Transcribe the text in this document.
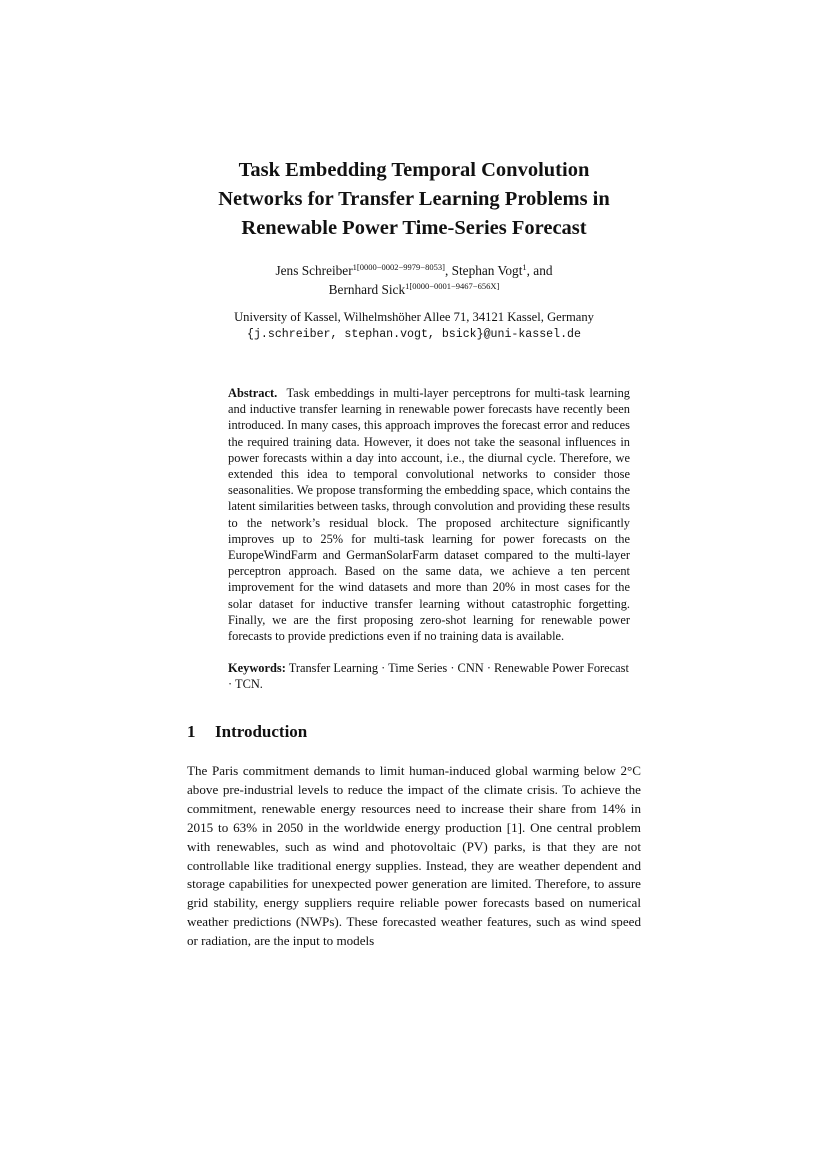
Task Embedding Temporal Convolution
Networks for Transfer Learning Problems in
Renewable Power Time-Series Forecast
Jens Schreiber$^{1[0000-0002-9979-8053]}$, Stephan Vogt$^1$, and
Bernhard Sick$^{1[0000-0001-9467-656X]}$
University of Kassel, Wilhelmshöher Allee 71, 34121 Kassel, Germany
{j.schreiber, stephan.vogt, bsick}@uni-kassel.de

Abstract. Task embeddings in multi-layer perceptrons for multi-task learning and inductive transfer learning in renewable power forecasts have recently been introduced. In many cases, this approach improves the forecast error and reduces the required training data. However, it does not take the seasonal influences in power forecasts within a day into account, i.e., the diurnal cycle. Therefore, we extended this idea to temporal convolutional networks to consider those seasonalities. We propose transforming the embedding space, which contains the latent similarities between tasks, through convolution and providing these results to the network’s residual block. The proposed architecture significantly improves up to 25% for multi-task learning for power forecasts on the EuropeWindFarm and GermanSolarFarm dataset compared to the multi-layer perceptron approach. Based on the same data, we achieve a ten percent improvement for the wind datasets and more than 20% in most cases for the solar dataset for inductive transfer learning without catastrophic forgetting. Finally, we are the first proposing zero-shot learning for renewable power forecasts to provide predictions even if no training data is available.

Keywords: Transfer Learning · Time Series · CNN · Renewable Power Forecast · TCN.
1 Introduction

The Paris commitment demands to limit human-induced global warming below 2°C above pre-industrial levels to reduce the impact of the climate crisis. To achieve the commitment, renewable energy resources need to increase their share from 14% in 2015 to 63% in 2050 in the worldwide energy production [1]. One central problem with renewables, such as wind and photovoltaic (PV) parks, is that they are not controllable like traditional energy supplies. Instead, they are weather dependent and storage capabilities for unexpected power generation are limited. Therefore, to assure grid stability, energy suppliers require reliable power forecasts based on numerical weather predictions (NWPs). These forecasted weather features, such as wind speed or radiation, are the input to models
